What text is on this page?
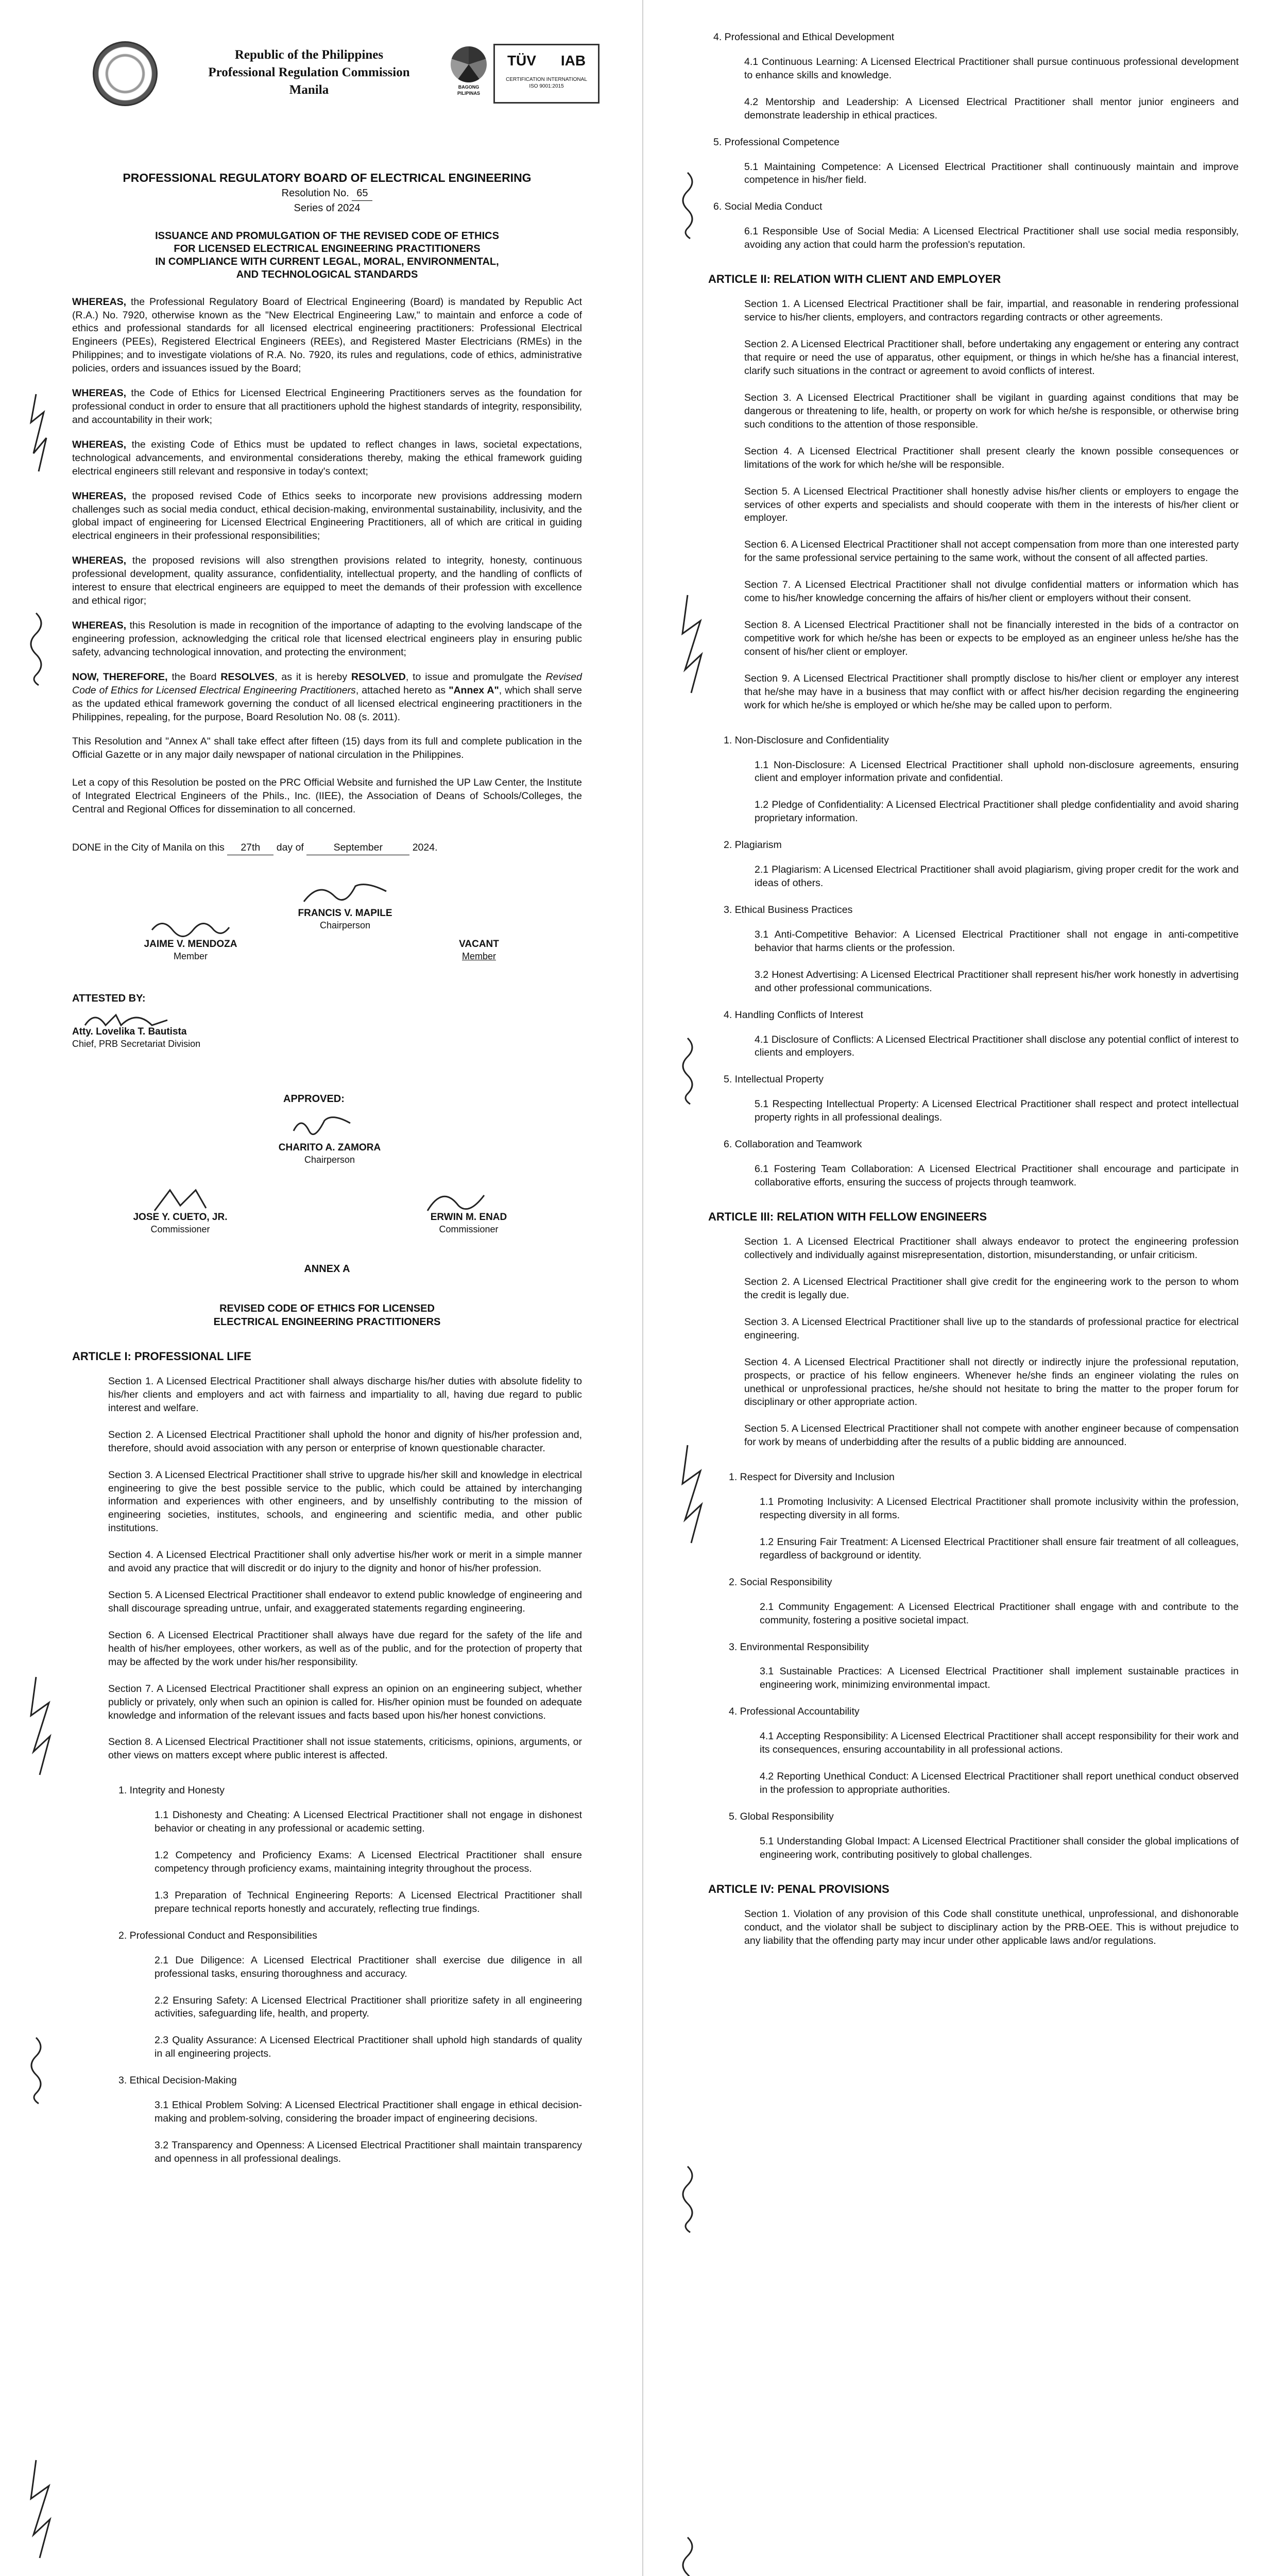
Republic of the Philippines
Professional Regulation Commission
Manila	BAGONG PILIPINAS
TÜV IAB
CERTIFICATION INTERNATIONAL
ISO 9001:2015
PROFESSIONAL REGULATORY BOARD OF ELECTRICAL ENGINEERING
Resolution No. 65
Series of 2024
ISSUANCE AND PROMULGATION OF THE REVISED CODE OF ETHICS
FOR LICENSED ELECTRICAL ENGINEERING PRACTITIONERS
IN COMPLIANCE WITH CURRENT LEGAL, MORAL, ENVIRONMENTAL,
AND TECHNOLOGICAL STANDARDS

WHEREAS, the Professional Regulatory Board of Electrical Engineering (Board) is mandated by Republic Act (R.A.) No. 7920, otherwise known as the "New Electrical Engineering Law," to maintain and enforce a code of ethics and professional standards for all licensed electrical engineering practitioners: Professional Electrical Engineers (PEEs), Registered Electrical Engineers (REEs), and Registered Master Electricians (RMEs) in the Philippines; and to investigate violations of R.A. No. 7920, its rules and regulations, code of ethics, administrative policies, orders and issuances issued by the Board;

WHEREAS, the Code of Ethics for Licensed Electrical Engineering Practitioners serves as the foundation for professional conduct in order to ensure that all practitioners uphold the highest standards of integrity, responsibility, and accountability in their work;

WHEREAS, the existing Code of Ethics must be updated to reflect changes in laws, societal expectations, technological advancements, and environmental considerations thereby, making the ethical framework guiding electrical engineers still relevant and responsive in today's context;

WHEREAS, the proposed revised Code of Ethics seeks to incorporate new provisions addressing modern challenges such as social media conduct, ethical decision-making, environmental sustainability, inclusivity, and the global impact of engineering for Licensed Electrical Engineering Practitioners, all of which are critical in guiding electrical engineers in their professional responsibilities;

WHEREAS, the proposed revisions will also strengthen provisions related to integrity, honesty, continuous professional development, quality assurance, confidentiality, intellectual property, and the handling of conflicts of interest to ensure that electrical engineers are equipped to meet the demands of their profession with excellence and ethical rigor;

WHEREAS, this Resolution is made in recognition of the importance of adapting to the evolving landscape of the engineering profession, acknowledging the critical role that licensed electrical engineers play in ensuring public safety, advancing technological innovation, and protecting the environment;

NOW, THEREFORE, the Board RESOLVES, as it is hereby RESOLVED, to issue and promulgate the Revised Code of Ethics for Licensed Electrical Engineering Practitioners, attached hereto as "Annex A", which shall serve as the updated ethical framework governing the conduct of all licensed electrical engineering practitioners in the Philippines, repealing, for the purpose, Board Resolution No. 08 (s. 2011).

This Resolution and "Annex A" shall take effect after fifteen (15) days from its full and complete publication in the Official Gazette or in any major daily newspaper of national circulation in the Philippines.

Let a copy of this Resolution be posted on the PRC Official Website and furnished the UP Law Center, the Institute of Integrated Electrical Engineers of the Phils., Inc. (IIEE), the Association of Deans of Schools/Colleges, the Central and Regional Offices for dissemination to all concerned.

DONE in the City of Manila on this 27th day of	September	2024.

FRANCIS V. MAPILE
Chairperson
JAIME V. MENDOZA
Member
VACANT
Member
ATTESTED BY:
Atty. Lovelika T. Bautista
Chief, PRB Secretariat Division
APPROVED:
CHARITO A. ZAMORA
Chairperson
JOSE Y. CUETO, JR.
Commissioner
ERWIN M. ENAD
Commissioner
ANNEX A
REVISED CODE OF ETHICS FOR LICENSED
ELECTRICAL ENGINEERING PRACTITIONERS
ARTICLE I: PROFESSIONAL LIFE

Section 1. A Licensed Electrical Practitioner shall always discharge his/her duties with absolute fidelity to his/her clients and employers and act with fairness and impartiality to all, having due regard to public interest and welfare.

Section 2. A Licensed Electrical Practitioner shall uphold the honor and dignity of his/her profession and, therefore, should avoid association with any person or enterprise of known questionable character.

Section 3. A Licensed Electrical Practitioner shall strive to upgrade his/her skill and knowledge in electrical engineering to give the best possible service to the public, which could be attained by interchanging information and experiences with other engineers, and by unselfishly contributing to the mission of engineering societies, institutes, schools, and engineering and scientific media, and other public institutions.

Section 4. A Licensed Electrical Practitioner shall only advertise his/her work or merit in a simple manner and avoid any practice that will discredit or do injury to the dignity and honor of his/her profession.

Section 5. A Licensed Electrical Practitioner shall endeavor to extend public knowledge of engineering and shall discourage spreading untrue, unfair, and exaggerated statements regarding engineering.

Section 6. A Licensed Electrical Practitioner shall always have due regard for the safety of the life and health of his/her employees, other workers, as well as of the public, and for the protection of property that may be affected by the work under his/her responsibility.

Section 7. A Licensed Electrical Practitioner shall express an opinion on an engineering subject, whether publicly or privately, only when such an opinion is called for. His/her opinion must be founded on adequate knowledge and information of the relevant issues and facts based upon his/her honest convictions.

Section 8. A Licensed Electrical Practitioner shall not issue statements, criticisms, opinions, arguments, or other views on matters except where public interest is affected.

1. Integrity and Honesty

1.1 Dishonesty and Cheating: A Licensed Electrical Practitioner shall not engage in dishonest behavior or cheating in any professional or academic setting.

1.2 Competency and Proficiency Exams: A Licensed Electrical Practitioner shall ensure competency through proficiency exams, maintaining integrity throughout the process.

1.3 Preparation of Technical Engineering Reports: A Licensed Electrical Practitioner shall prepare technical reports honestly and accurately, reflecting true findings.

2. Professional Conduct and Responsibilities

2.1 Due Diligence: A Licensed Electrical Practitioner shall exercise due diligence in all professional tasks, ensuring thoroughness and accuracy.

2.2 Ensuring Safety: A Licensed Electrical Practitioner shall prioritize safety in all engineering activities, safeguarding life, health, and property.

2.3 Quality Assurance: A Licensed Electrical Practitioner shall uphold high standards of quality in all engineering projects.

3. Ethical Decision-Making

3.1 Ethical Problem Solving: A Licensed Electrical Practitioner shall engage in ethical decision-making and problem-solving, considering the broader impact of engineering decisions.

3.2 Transparency and Openness: A Licensed Electrical Practitioner shall maintain transparency and openness in all professional dealings.

4. Professional and Ethical Development

4.1 Continuous Learning: A Licensed Electrical Practitioner shall pursue continuous professional development to enhance skills and knowledge.

4.2 Mentorship and Leadership: A Licensed Electrical Practitioner shall mentor junior engineers and demonstrate leadership in ethical practices.

5. Professional Competence

5.1 Maintaining Competence: A Licensed Electrical Practitioner shall continuously maintain and improve competence in his/her field.

6. Social Media Conduct

6.1 Responsible Use of Social Media: A Licensed Electrical Practitioner shall use social media responsibly, avoiding any action that could harm the profession's reputation.

ARTICLE II: RELATION WITH CLIENT AND EMPLOYER

Section 1. A Licensed Electrical Practitioner shall be fair, impartial, and reasonable in rendering professional service to his/her clients, employers, and contractors regarding contracts or other agreements.

Section 2. A Licensed Electrical Practitioner shall, before undertaking any engagement or entering any contract that require or need the use of apparatus, other equipment, or things in which he/she has a financial interest, clarify such situations in the contract or agreement to avoid conflicts of interest.

Section 3. A Licensed Electrical Practitioner shall be vigilant in guarding against conditions that may be dangerous or threatening to life, health, or property on work for which he/she is responsible, or otherwise bring such conditions to the attention of those responsible.

Section 4. A Licensed Electrical Practitioner shall present clearly the known possible consequences or limitations of the work for which he/she will be responsible.

Section 5. A Licensed Electrical Practitioner shall honestly advise his/her clients or employers to engage the services of other experts and specialists and should cooperate with them in the interests of his/her client or employer.

Section 6. A Licensed Electrical Practitioner shall not accept compensation from more than one interested party for the same professional service pertaining to the same work, without the consent of all affected parties.

Section 7. A Licensed Electrical Practitioner shall not divulge confidential matters or information which has come to his/her knowledge concerning the affairs of his/her client or employers without their consent.

Section 8. A Licensed Electrical Practitioner shall not be financially interested in the bids of a contractor on competitive work for which he/she has been or expects to be employed as an engineer unless he/she has the consent of his/her client or employer.

Section 9. A Licensed Electrical Practitioner shall promptly disclose to his/her client or employer any interest that he/she may have in a business that may conflict with or affect his/her decision regarding the engineering work for which he/she is employed or which he/she may be called upon to perform.

1. Non-Disclosure and Confidentiality

1.1 Non-Disclosure: A Licensed Electrical Practitioner shall uphold non-disclosure agreements, ensuring client and employer information private and confidential.

1.2 Pledge of Confidentiality: A Licensed Electrical Practitioner shall pledge confidentiality and avoid sharing proprietary information.

2. Plagiarism

2.1 Plagiarism: A Licensed Electrical Practitioner shall avoid plagiarism, giving proper credit for the work and ideas of others.

3. Ethical Business Practices

3.1 Anti-Competitive Behavior: A Licensed Electrical Practitioner shall not engage in anti-competitive behavior that harms clients or the profession.

3.2 Honest Advertising: A Licensed Electrical Practitioner shall represent his/her work honestly in advertising and other professional communications.

4. Handling Conflicts of Interest

4.1 Disclosure of Conflicts: A Licensed Electrical Practitioner shall disclose any potential conflict of interest to clients and employers.

5. Intellectual Property

5.1 Respecting Intellectual Property: A Licensed Electrical Practitioner shall respect and protect intellectual property rights in all professional dealings.

6. Collaboration and Teamwork

6.1 Fostering Team Collaboration: A Licensed Electrical Practitioner shall encourage and participate in collaborative efforts, ensuring the success of projects through teamwork.

ARTICLE III: RELATION WITH FELLOW ENGINEERS

Section 1. A Licensed Electrical Practitioner shall always endeavor to protect the engineering profession collectively and individually against misrepresentation, distortion, misunderstanding, or unfair criticism.

Section 2. A Licensed Electrical Practitioner shall give credit for the engineering work to the person to whom the credit is legally due.

Section 3. A Licensed Electrical Practitioner shall live up to the standards of professional practice for electrical engineering.

Section 4. A Licensed Electrical Practitioner shall not directly or indirectly injure the professional reputation, prospects, or practice of his fellow engineers. Whenever he/she finds an engineer violating the rules on unethical or unprofessional practices, he/she should not hesitate to bring the matter to the proper forum for disciplinary or other appropriate action.

Section 5. A Licensed Electrical Practitioner shall not compete with another engineer because of compensation for work by means of underbidding after the results of a public bidding are announced.

1. Respect for Diversity and Inclusion

1.1 Promoting Inclusivity: A Licensed Electrical Practitioner shall promote inclusivity within the profession, respecting diversity in all forms.

1.2 Ensuring Fair Treatment: A Licensed Electrical Practitioner shall ensure fair treatment of all colleagues, regardless of background or identity.

2. Social Responsibility

2.1 Community Engagement: A Licensed Electrical Practitioner shall engage with and contribute to the community, fostering a positive societal impact.

3. Environmental Responsibility

3.1 Sustainable Practices: A Licensed Electrical Practitioner shall implement sustainable practices in engineering work, minimizing environmental impact.

4. Professional Accountability

4.1 Accepting Responsibility: A Licensed Electrical Practitioner shall accept responsibility for their work and its consequences, ensuring accountability in all professional actions.

4.2 Reporting Unethical Conduct: A Licensed Electrical Practitioner shall report unethical conduct observed in the profession to appropriate authorities.

5. Global Responsibility

5.1 Understanding Global Impact: A Licensed Electrical Practitioner shall consider the global implications of engineering work, contributing positively to global challenges.

ARTICLE IV: PENAL PROVISIONS

Section 1. Violation of any provision of this Code shall constitute unethical, unprofessional, and dishonorable conduct, and the violator shall be subject to disciplinary action by the PRB-OEE. This is without prejudice to any liability that the offending party may incur under other applicable laws and/or regulations.
